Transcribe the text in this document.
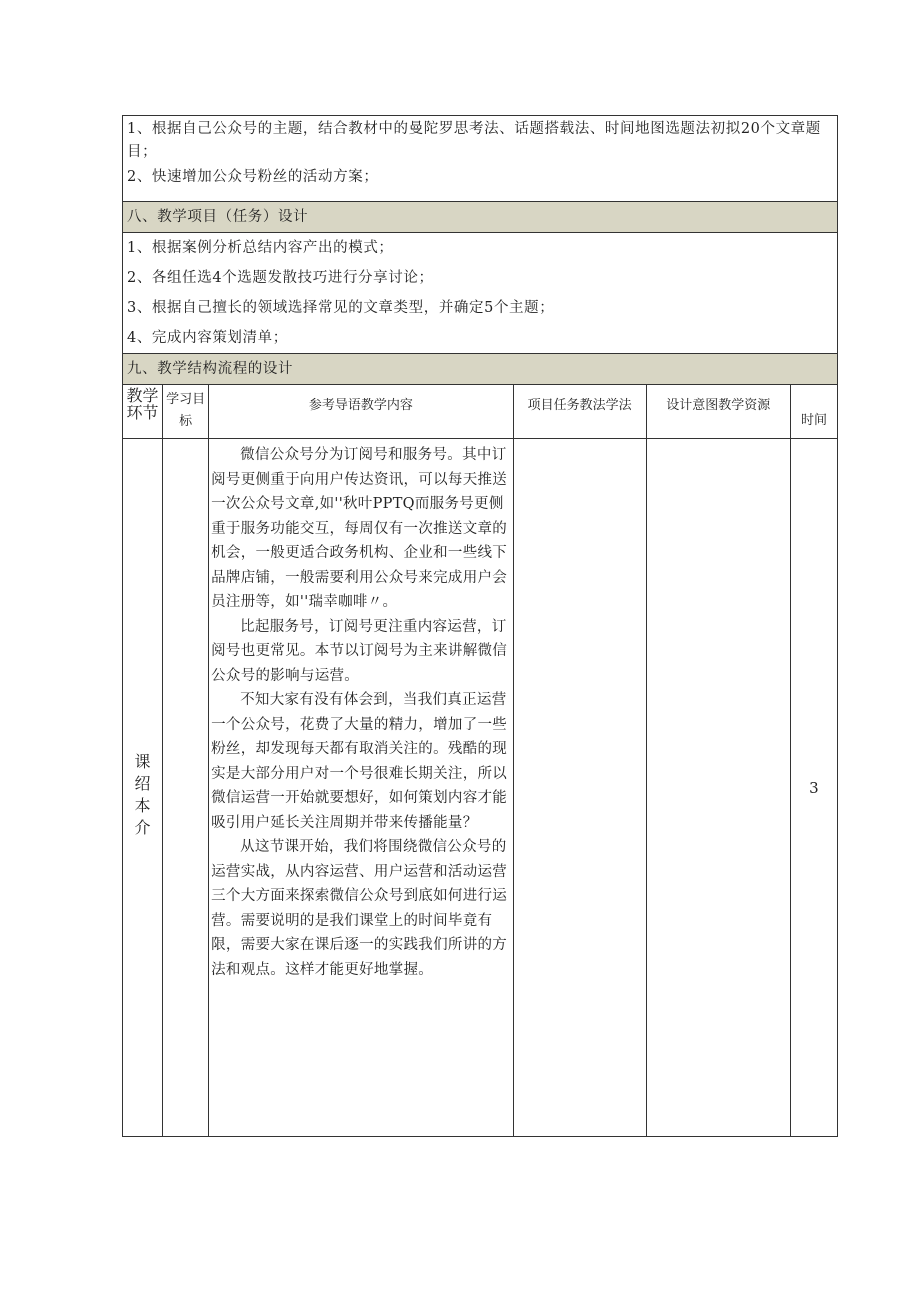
1、根据自己公众号的主题，结合教材中的曼陀罗思考法、话题搭载法、时间地图选题法初拟20个文章题目；
2、快速增加公众号粉丝的活动方案；
八、教学项目（任务）设计
1、根据案例分析总结内容产出的模式；
2、各组任选4个选题发散技巧进行分享讨论；
3、根据自己擅长的领域选择常见的文章类型，并确定5个主题；
4、完成内容策划清单；
九、教学结构流程的设计
教学环节	学习目标	参考导语教学内容	项目任务教法学法	设计意图教学资源	时间

课绍本介		微信公众号分为订阅号和服务号。其中订阅号更侧重于向用户传达资讯，可以每天推送一次公众号文章,如''秋叶PPTQ而服务号更侧重于服务功能交互，每周仅有一次推送文章的机会，一般更适合政务机构、企业和一些线下品牌店铺，一般需要利用公众号来完成用户会员注册等，如''瑞幸咖啡〃。

比起服务号，订阅号更注重内容运营，订阅号也更常见。本节以订阅号为主来讲解微信公众号的影响与运营。

不知大家有没有体会到，当我们真正运营一个公众号，花费了大量的精力，增加了一些粉丝，却发现每天都有取消关注的。残酷的现实是大部分用户对一个号很难长期关注，所以微信运营一开始就要想好，如何策划内容才能吸引用户延长关注周期并带来传播能量？

从这节课开始，我们将围绕微信公众号的运营实战，从内容运营、用户运营和活动运营三个大方面来探索微信公众号到底如何进行运营。需要说明的是我们课堂上的时间毕竟有限，需要大家在课后逐一的实践我们所讲的方法和观点。这样才能更好地掌握。			3
